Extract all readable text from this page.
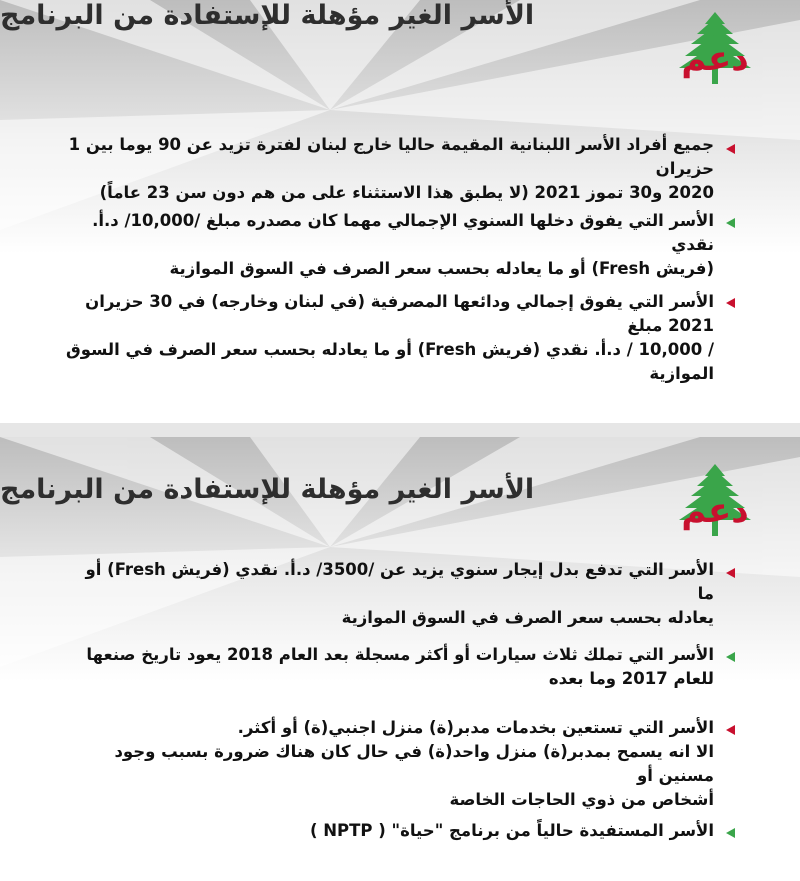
الأسر الغير مؤهلة للإستفادة من البرنامج
الأسر الغير مؤهلة للإستفادة من البرنامج
دعم
دعم
جميع أفراد الأسر اللبنانية المقيمة حاليا خارج لبنان لفترة تزيد عن 90 يوما بين 1 حزيران
2020 و30 تموز 2021 (لا يطبق هذا الاستثناء على من هم دون سن 23 عاماً)
الأسر التي يفوق دخلها السنوي الإجمالي مهما كان مصدره مبلغ /10,000/ د.أ. نقدي
(فريش Fresh) أو ما يعادله بحسب سعر الصرف في السوق الموازية
الأسر التي يفوق إجمالي ودائعها المصرفية (في لبنان وخارجه) في 30 حزيران 2021 مبلغ
/ 10,000 / د.أ. نقدي (فريش Fresh) أو ما يعادله بحسب سعر الصرف في السوق الموازية
الأسر التي تدفع بدل إيجار سنوي يزيد عن /3500/ د.أ. نقدي (فريش Fresh) أو ما
يعادله بحسب سعر الصرف في السوق الموازية
الأسر التي تملك ثلاث سيارات أو أكثر مسجلة بعد العام 2018 يعود تاريخ صنعها
للعام 2017 وما بعده
الأسر التي تستعين بخدمات مدبر(ة) منزل اجنبي(ة) أو أكثر.
الا انه يسمح بمدبر(ة) منزل واحد(ة) في حال كان هناك ضرورة بسبب وجود مسنين أو
أشخاص من ذوي الحاجات الخاصة
الأسر المستفيدة حالياً من برنامج "حياة" ( NPTP )
